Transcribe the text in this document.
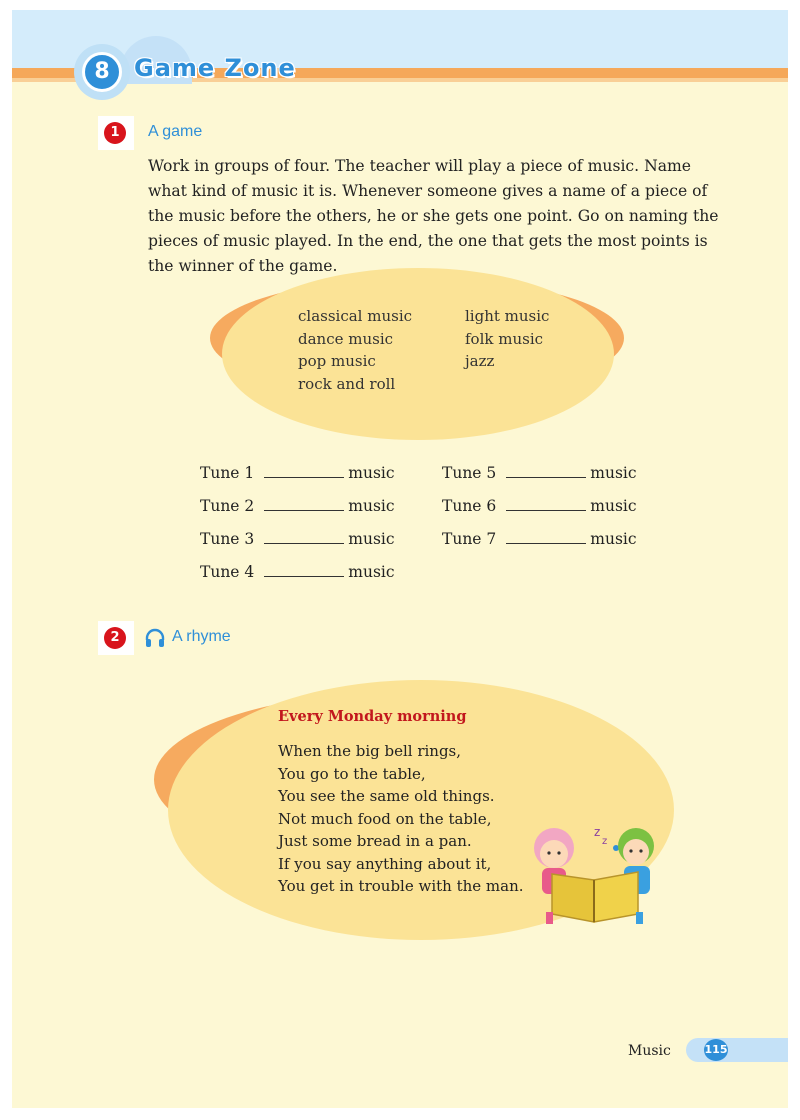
8	Game Zone
1	A game

Work in groups of four. The teacher will play a piece of music. Name what kind of music it is. Whenever someone gives a name of a piece of the music before the others, he or she gets one point. Go on naming the pieces of music played. In the end, the one that gets the most points is the winner of the game.

classical music
dance music
pop music
rock and roll
light music
folk music
jazz
Tune 1	music
Tune 2	music
Tune 3	music
Tune 4	music
Tune 5	music
Tune 6	music
Tune 7	music
2	A rhyme
Every Monday morning
When the big bell rings,
You go to the table,
You see the same old things.
Not much food on the table,
Just some bread in a pan.
If you say anything about it,
You get in trouble with the man.
z
z
Music	115
